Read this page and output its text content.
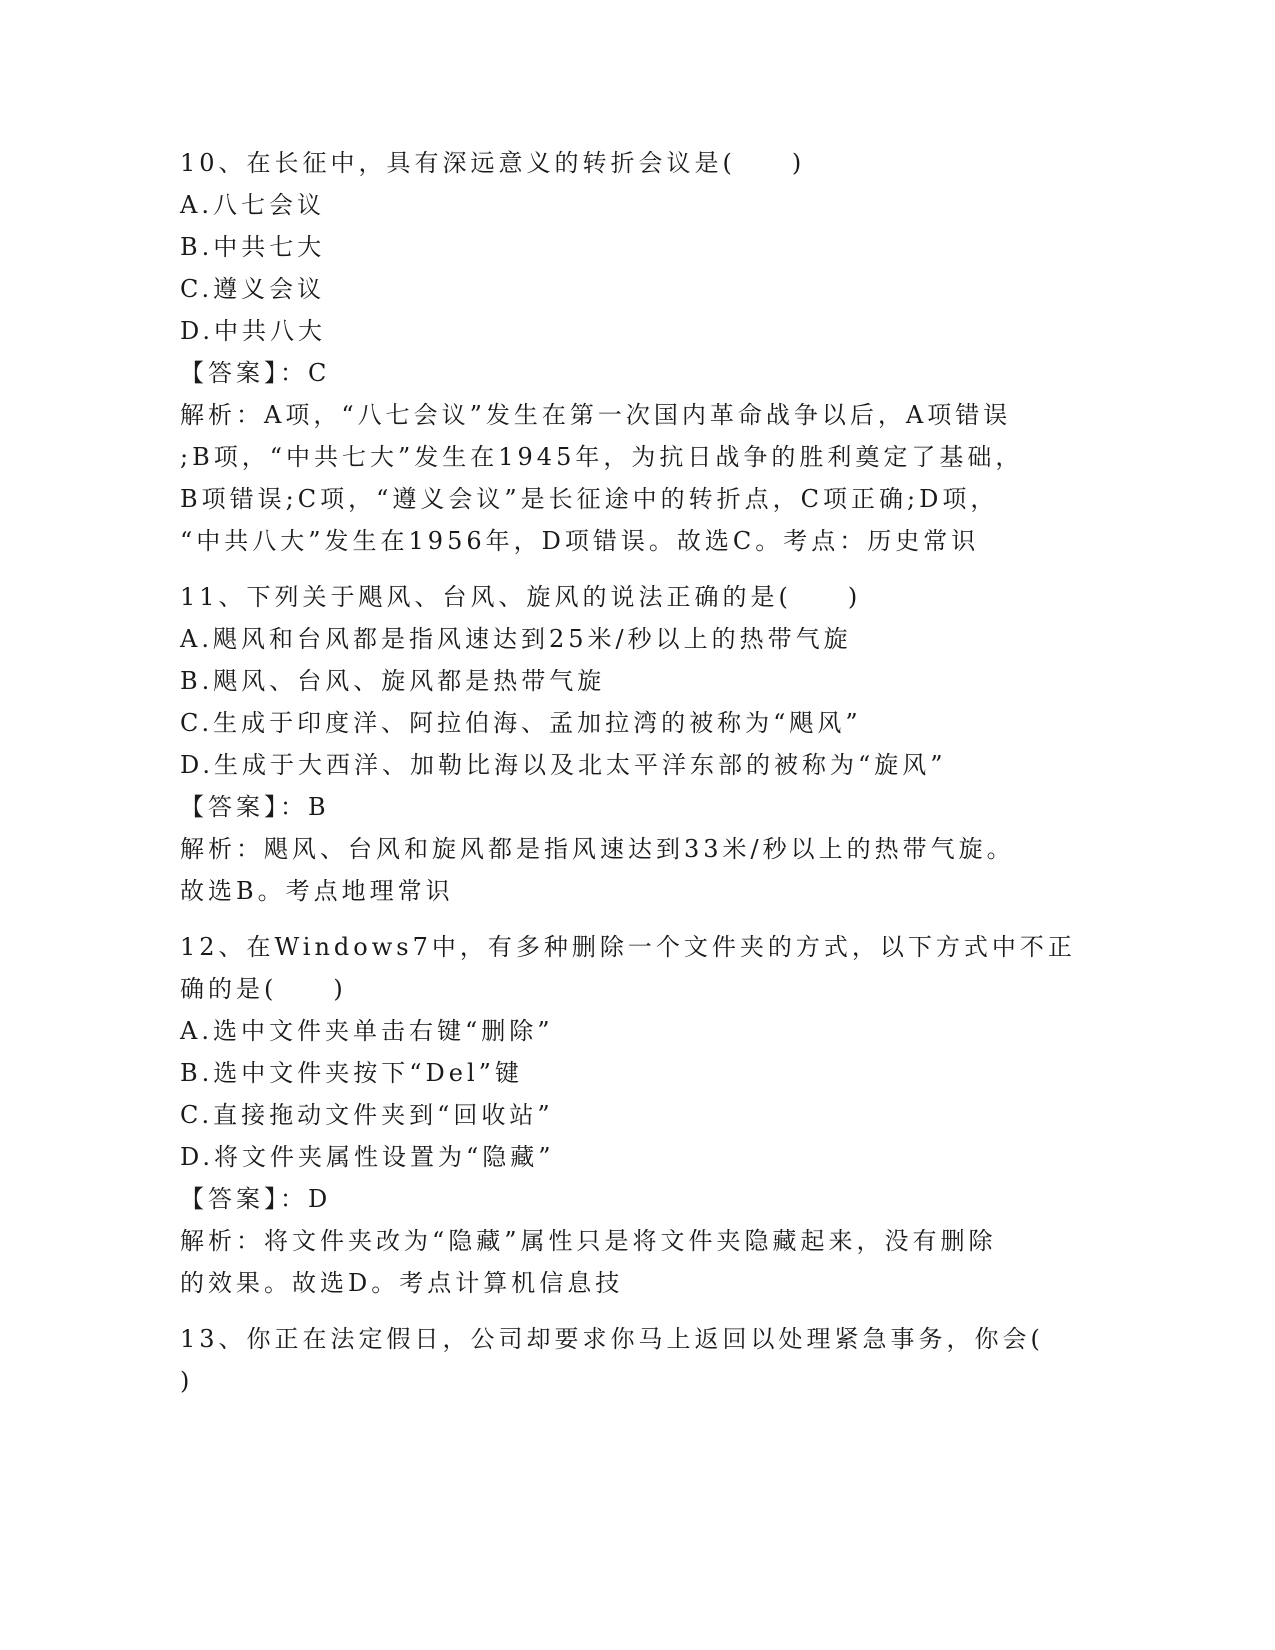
10、在长征中，具有深远意义的转折会议是(　　)
A.八七会议
B.中共七大
C.遵义会议
D.中共八大
【答案】：C
解析：A项，“八七会议”发生在第一次国内革命战争以后，A项错误
;B项，“中共七大”发生在1945年，为抗日战争的胜利奠定了基础，
B项错误;C项，“遵义会议”是长征途中的转折点，C项正确;D项，
“中共八大”发生在1956年，D项错误。故选C。考点：历史常识
11、下列关于飓风、台风、旋风的说法正确的是(　　)
A.飓风和台风都是指风速达到25米/秒以上的热带气旋
B.飓风、台风、旋风都是热带气旋
C.生成于印度洋、阿拉伯海、孟加拉湾的被称为“飓风”
D.生成于大西洋、加勒比海以及北太平洋东部的被称为“旋风”
【答案】：B
解析：飓风、台风和旋风都是指风速达到33米/秒以上的热带气旋。
故选B。考点地理常识
12、在Windows7中，有多种删除一个文件夹的方式，以下方式中不正
确的是(　　)
A.选中文件夹单击右键“删除”
B.选中文件夹按下“Del”键
C.直接拖动文件夹到“回收站”
D.将文件夹属性设置为“隐藏”
【答案】：D
解析：将文件夹改为“隐藏”属性只是将文件夹隐藏起来，没有删除
的效果。故选D。考点计算机信息技
13、你正在法定假日，公司却要求你马上返回以处理紧急事务，你会(
)
